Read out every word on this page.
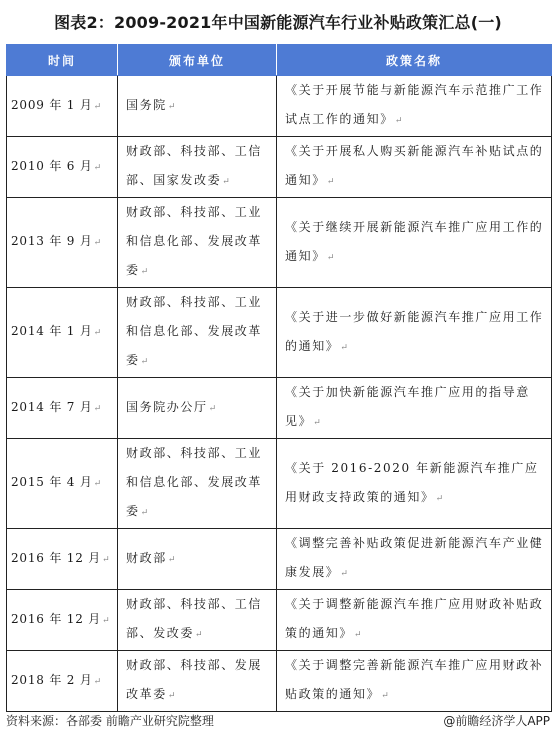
图表2：2009-2021年中国新能源汽车行业补贴政策汇总(一)
时间	颁布单位	政策名称
2009 年 1 月↵	国务院↵	《关于开展节能与新能源汽车示范推广工作试点工作的通知》↵
2010 年 6 月↵	财政部、科技部、工信部、国家发改委↵	《关于开展私人购买新能源汽车补贴试点的通知》↵
2013 年 9 月↵	财政部、科技部、工业和信息化部、发展改革委↵	《关于继续开展新能源汽车推广应用工作的通知》↵
2014 年 1 月↵	财政部、科技部、工业和信息化部、发展改革委↵	《关于进一步做好新能源汽车推广应用工作的通知》↵
2014 年 7 月↵	国务院办公厅↵	《关于加快新能源汽车推广应用的指导意见》↵
2015 年 4 月↵	财政部、科技部、工业和信息化部、发展改革委↵	《关于 2016-2020 年新能源汽车推广应用财政支持政策的通知》↵
2016 年 12 月↵	财政部↵	《调整完善补贴政策促进新能源汽车产业健康发展》↵
2016 年 12 月↵	财政部、科技部、工信部、发改委↵	《关于调整新能源汽车推广应用财政补贴政策的通知》↵
2018 年 2 月↵	财政部、科技部、发展改革委↵	《关于调整完善新能源汽车推广应用财政补贴政策的通知》↵
资料来源：各部委 前瞻产业研究院整理	@前瞻经济学人APP
